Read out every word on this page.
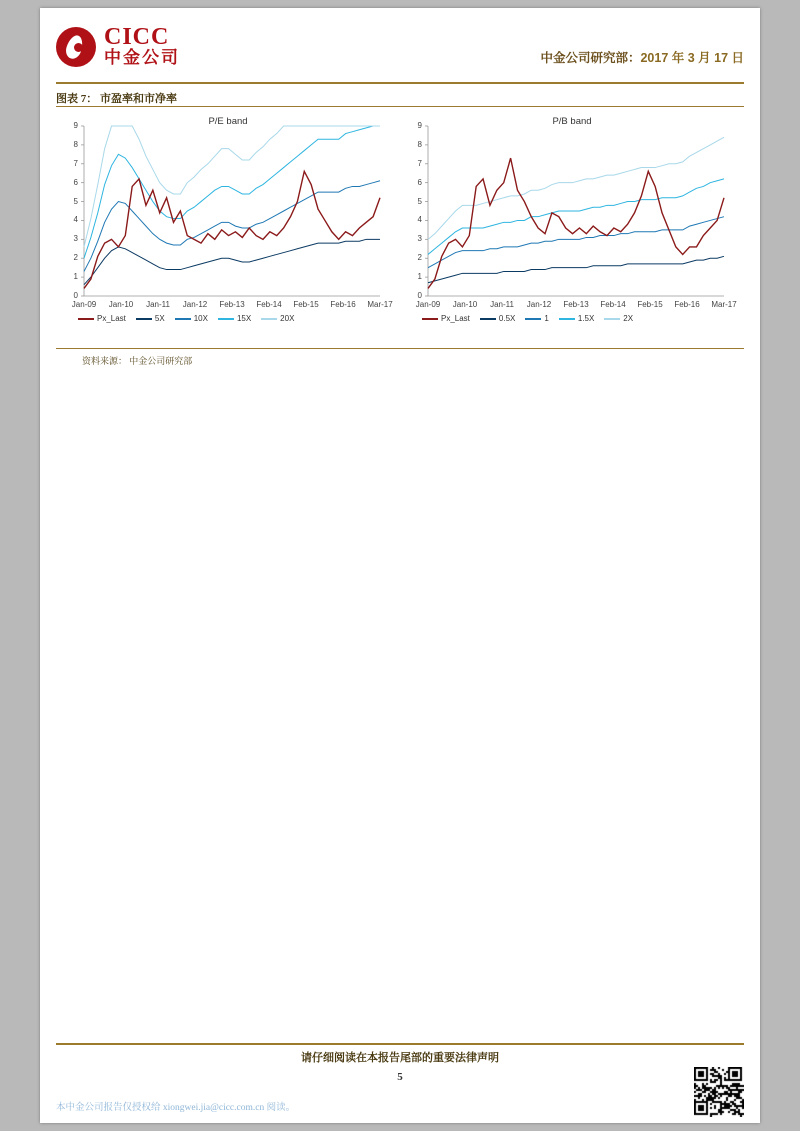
CICC
中金公司	中金公司研究部：2017 年 3 月 17 日
图表 7： 市盈率和市净率
P/E band
Px_Last	5X	10X	15X	20X
0
1
2
3
4
5
6
7
8
9
Jan-09 Jan-10 Jan-11 Jan-12 Feb-13 Feb-14 Feb-15 Feb-16 Mar-17
P/B band
Px_Last	0.5X	1	1.5X	2X
0
1
2
3
4
5
6
7
8
9
Jan-09 Jan-10 Jan-11 Jan-12 Feb-13 Feb-14 Feb-15 Feb-16 Mar-17
资料来源： 中金公司研究部
请仔细阅读在本报告尾部的重要法律声明
5
本中金公司报告仅授权给 xiongwei.jia@cicc.com.cn 阅读。
